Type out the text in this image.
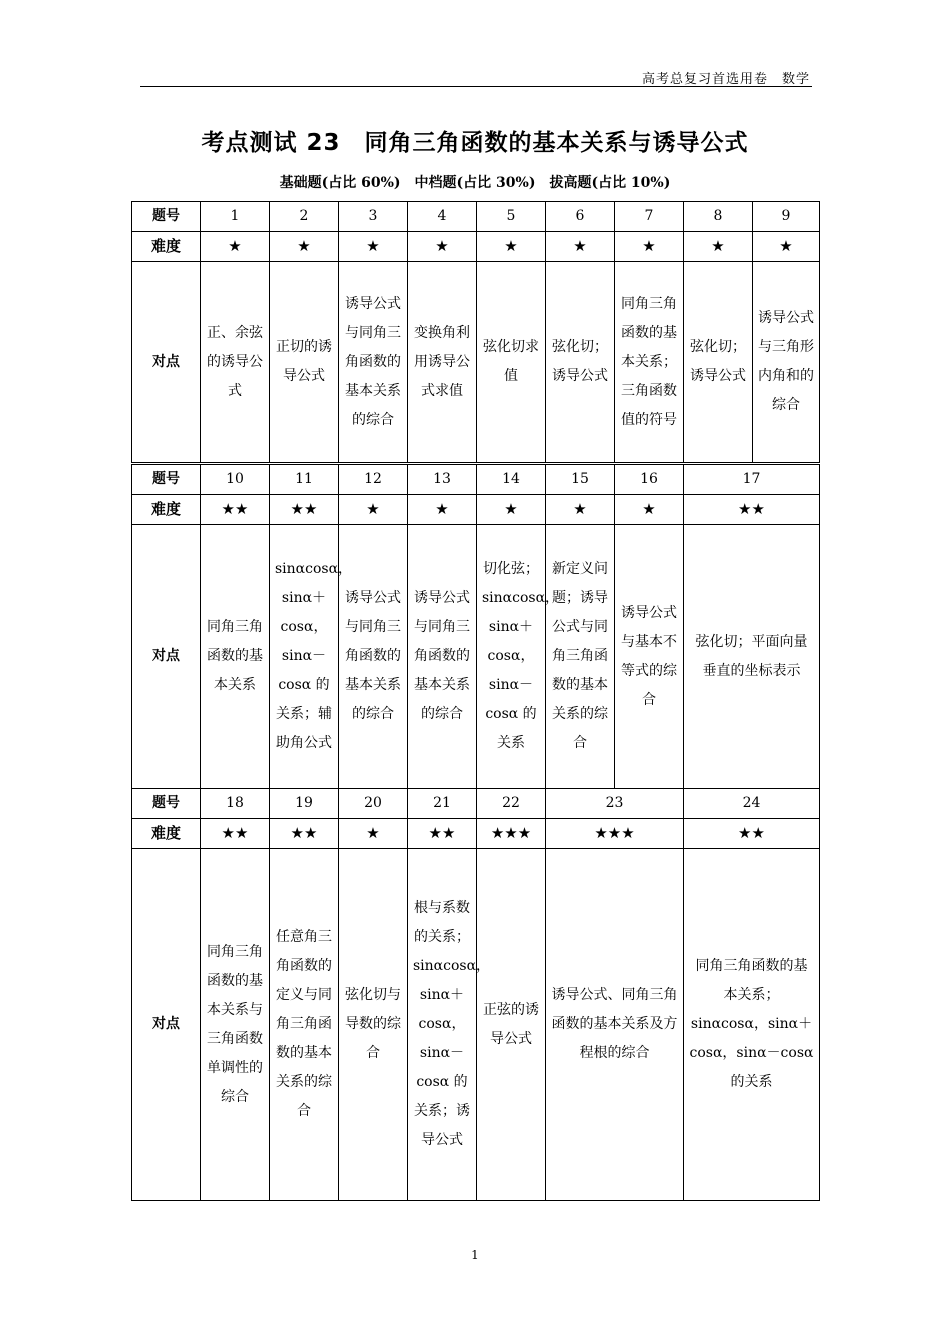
高考总复习首选用卷　数学
考点测试 23　同角三角函数的基本关系与诱导公式
基础题(占比 60%)　中档题(占比 30%)　拔高题(占比 10%)
题号	1	2	3	4	5	6	7	8	9
难度	★	★	★	★	★	★	★	★	★
对点	正、余弦的诱导公式	正切的诱导公式	诱导公式与同角三角函数的基本关系的综合	变换角利用诱导公式求值	弦化切求值	弦化切；诱导公式	同角三角函数的基本关系；三角函数值的符号	弦化切；诱导公式	诱导公式与三角形内角和的综合
题号	10	11	12	13	14	15	16	17	
难度	★★	★★	★	★	★	★	★	★★	
对点	同角三角函数的基本关系	sinαcosα，sinα＋cosα，sinα－cosα 的关系；辅助角公式	诱导公式与同角三角函数的基本关系的综合	诱导公式与同角三角函数的基本关系的综合	切化弦；sinαcosα，sinα＋cosα，sinα－cosα 的关系	新定义问题；诱导公式与同角三角函数的基本关系的综合	诱导公式与基本不等式的综合	弦化切；平面向量垂直的坐标表示	
题号	18	19	20	21	22	23		24	
难度	★★	★★	★	★★	★★★	★★★		★★	
对点	同角三角函数的基本关系与三角函数单调性的综合	任意角三角函数的定义与同角三角函数的基本关系的综合	弦化切与导数的综合	根与系数的关系；sinαcosα，sinα＋cosα，sinα－cosα 的关系；诱导公式	正弦的诱导公式	诱导公式、同角三角函数的基本关系及方程根的综合		同角三角函数的基本关系；sinαcosα，sinα＋cosα，sinα－cosα 的关系	
1
